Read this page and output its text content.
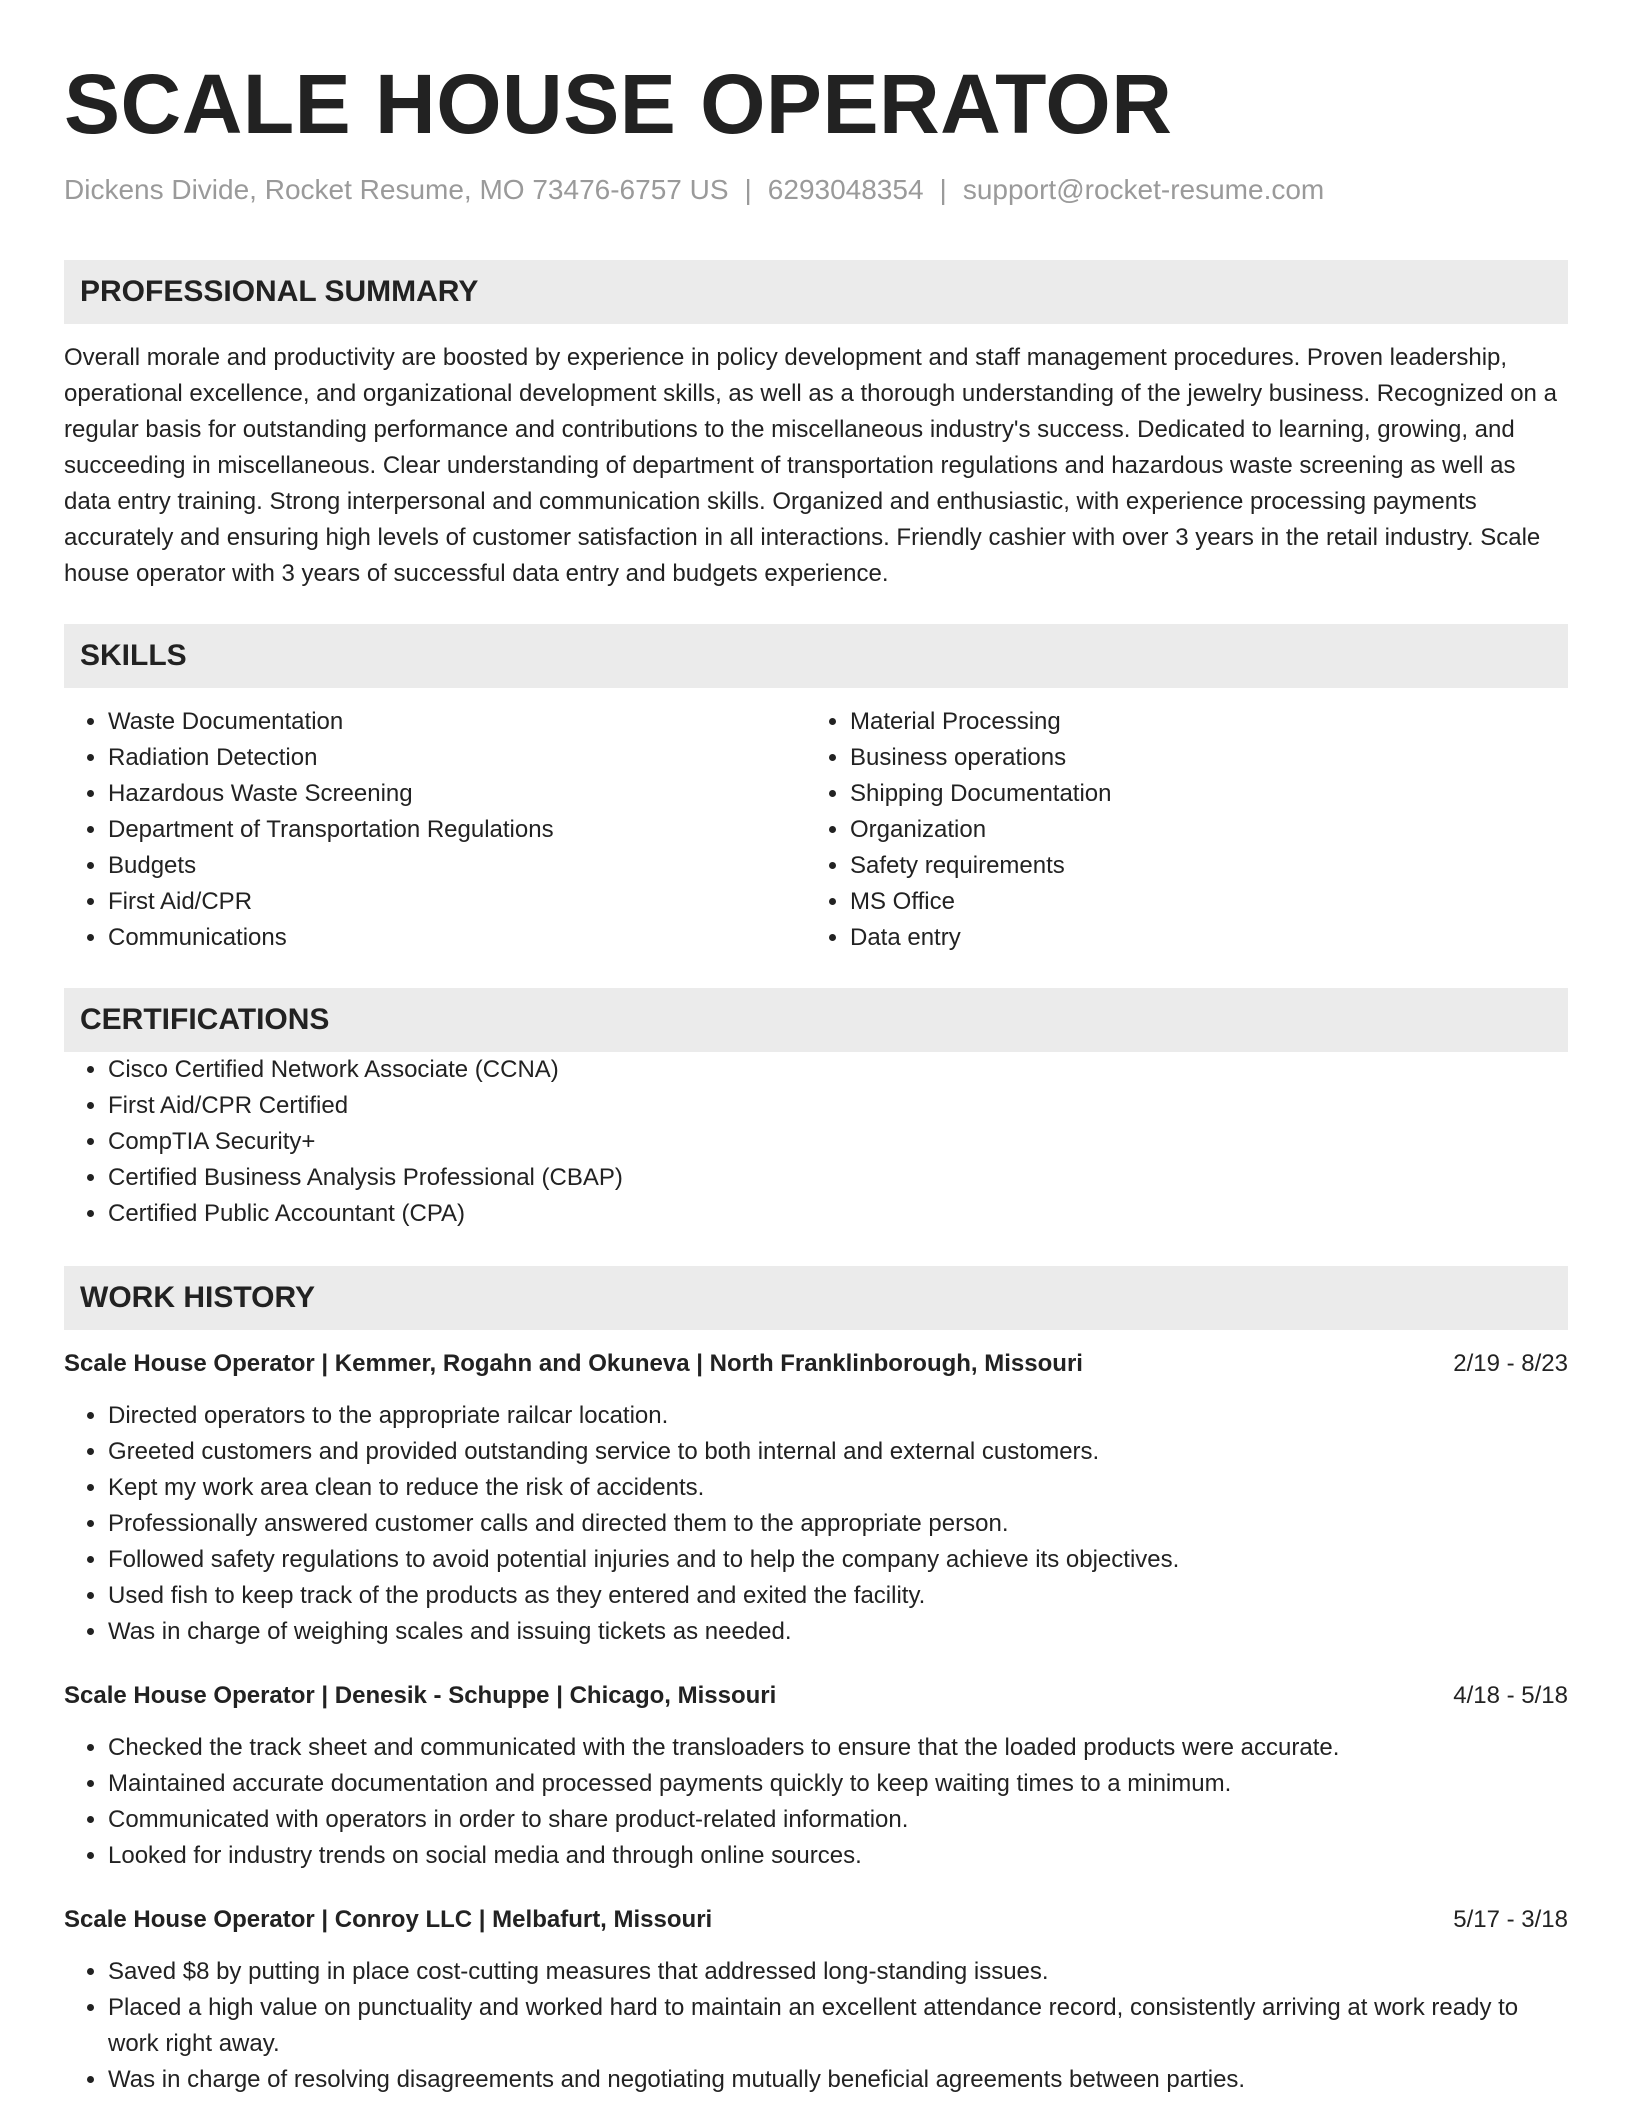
SCALE HOUSE OPERATOR
Dickens Divide, Rocket Resume, MO 73476-6757 US | 6293048354 | support@rocket-resume.com
PROFESSIONAL SUMMARY

Overall morale and productivity are boosted by experience in policy development and staff management procedures. Proven leadership, operational excellence, and organizational development skills, as well as a thorough understanding of the jewelry business. Recognized on a regular basis for outstanding performance and contributions to the miscellaneous industry's success. Dedicated to learning, growing, and succeeding in miscellaneous. Clear understanding of department of transportation regulations and hazardous waste screening as well as data entry training. Strong interpersonal and communication skills. Organized and enthusiastic, with experience processing payments accurately and ensuring high levels of customer satisfaction in all interactions. Friendly cashier with over 3 years in the retail industry. Scale house operator with 3 years of successful data entry and budgets experience.

SKILLS
• Waste Documentation
• Radiation Detection
• Hazardous Waste Screening
• Department of Transportation Regulations
• Budgets
• First Aid/CPR
• Communications
• Material Processing
• Business operations
• Shipping Documentation
• Organization
• Safety requirements
• MS Office
• Data entry
CERTIFICATIONS
• Cisco Certified Network Associate (CCNA)
• First Aid/CPR Certified
• CompTIA Security+
• Certified Business Analysis Professional (CBAP)
• Certified Public Accountant (CPA)
WORK HISTORY
Scale House Operator | Kemmer, Rogahn and Okuneva | North Franklinborough, Missouri	2/19 - 8/23
• Directed operators to the appropriate railcar location.
• Greeted customers and provided outstanding service to both internal and external customers.
• Kept my work area clean to reduce the risk of accidents.
• Professionally answered customer calls and directed them to the appropriate person.
• Followed safety regulations to avoid potential injuries and to help the company achieve its objectives.
• Used fish to keep track of the products as they entered and exited the facility.
• Was in charge of weighing scales and issuing tickets as needed.
Scale House Operator | Denesik - Schuppe | Chicago, Missouri	4/18 - 5/18
• Checked the track sheet and communicated with the transloaders to ensure that the loaded products were accurate.
• Maintained accurate documentation and processed payments quickly to keep waiting times to a minimum.
• Communicated with operators in order to share product-related information.
• Looked for industry trends on social media and through online sources.
Scale House Operator | Conroy LLC | Melbafurt, Missouri	5/17 - 3/18
• Saved $8 by putting in place cost-cutting measures that addressed long-standing issues.
• Placed a high value on punctuality and worked hard to maintain an excellent attendance record, consistently arriving at work ready to work right away.
• Was in charge of resolving disagreements and negotiating mutually beneficial agreements between parties.
